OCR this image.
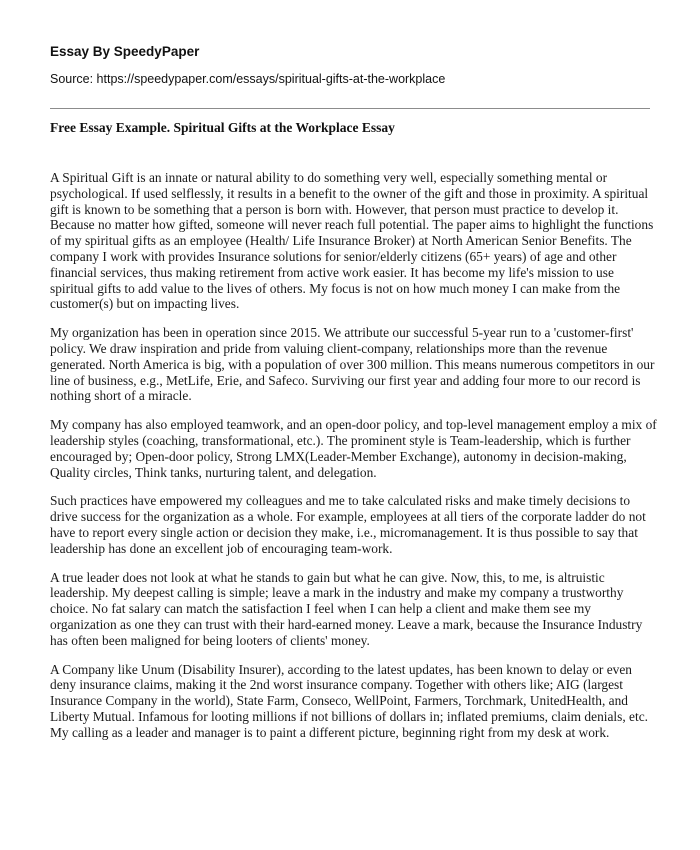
Essay By SpeedyPaper
Source: https://speedypaper.com/essays/spiritual-gifts-at-the-workplace
Free Essay Example. Spiritual Gifts at the Workplace Essay

A Spiritual Gift is an innate or natural ability to do something very well, especially something mental or psychological. If used selflessly, it results in a benefit to the owner of the gift and those in proximity. A spiritual gift is known to be something that a person is born with. However, that person must practice to develop it. Because no matter how gifted, someone will never reach full potential. The paper aims to highlight the functions of my spiritual gifts as an employee (Health/ Life Insurance Broker) at North American Senior Benefits. The company I work with provides Insurance solutions for senior/elderly citizens (65+ years) of age and other financial services, thus making retirement from active work easier. It has become my life's mission to use spiritual gifts to add value to the lives of others. My focus is not on how much money I can make from the customer(s) but on impacting lives.

My organization has been in operation since 2015. We attribute our successful 5-year run to a 'customer-first' policy. We draw inspiration and pride from valuing client-company, relationships more than the revenue generated. North America is big, with a population of over 300 million. This means numerous competitors in our line of business, e.g., MetLife, Erie, and Safeco. Surviving our first year and adding four more to our record is nothing short of a miracle.

My company has also employed teamwork, and an open-door policy, and top-level management employ a mix of leadership styles (coaching, transformational, etc.). The prominent style is Team-leadership, which is further encouraged by; Open-door policy, Strong LMX(Leader-Member Exchange), autonomy in decision-making, Quality circles, Think tanks, nurturing talent, and delegation.

Such practices have empowered my colleagues and me to take calculated risks and make timely decisions to drive success for the organization as a whole. For example, employees at all tiers of the corporate ladder do not have to report every single action or decision they make, i.e., micromanagement. It is thus possible to say that leadership has done an excellent job of encouraging team-work.

A true leader does not look at what he stands to gain but what he can give. Now, this, to me, is altruistic leadership. My deepest calling is simple; leave a mark in the industry and make my company a trustworthy choice. No fat salary can match the satisfaction I feel when I can help a client and make them see my organization as one they can trust with their hard-earned money. Leave a mark, because the Insurance Industry has often been maligned for being looters of clients' money.

A Company like Unum (Disability Insurer), according to the latest updates, has been known to delay or even deny insurance claims, making it the 2nd worst insurance company. Together with others like; AIG (largest Insurance Company in the world), State Farm, Conseco, WellPoint, Farmers, Torchmark, UnitedHealth, and Liberty Mutual. Infamous for looting millions if not billions of dollars in; inflated premiums, claim denials, etc. My calling as a leader and manager is to paint a different picture, beginning right from my desk at work.
